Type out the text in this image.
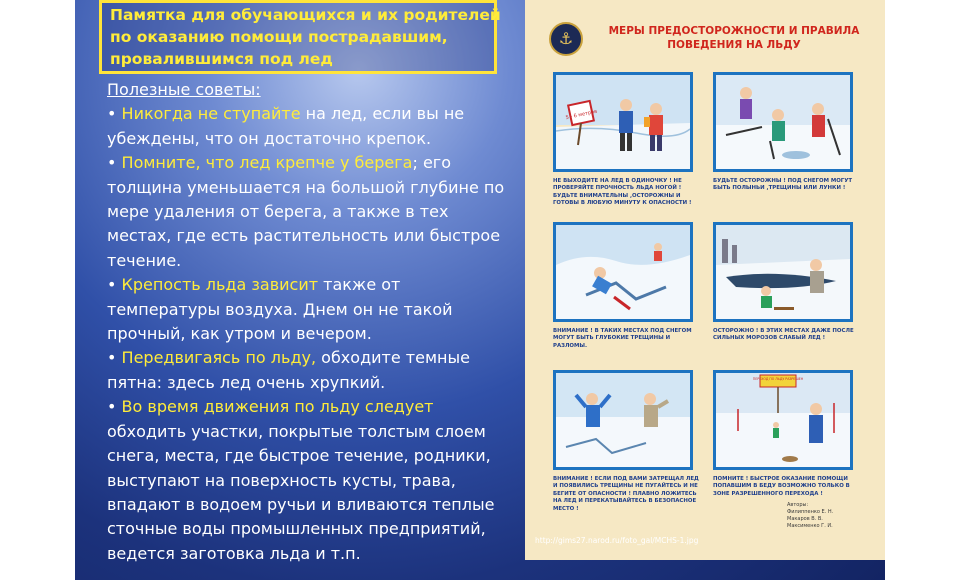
Памятка для обучающихся и их родителей
по оказанию помощи пострадавшим,
провалившимся под лед
Полезные советы:
• Никогда не ступайте на лед, если вы не убеждены, что он достаточно крепок.
• Помните, что лед крепче у берега; его толщина уменьшается на большой глубине по мере удаления от берега, а также в тех местах, где есть растительность или быстрое течение.
• Крепость льда зависит также от температуры воздуха. Днем он не такой прочный, как утром и вечером.
• Передвигаясь по льду, обходите темные пятна: здесь лед очень хрупкий.
• Во время движения по льду следует обходить участки, покрытые толстым слоем снега, места, где быстрое течение, родники, выступают на поверхность кусты, трава, впадают в водоем ручьи и вливаются теплые сточные воды промышленных предприятий, ведется заготовка льда и т.п.
⚓	МЕРЫ ПРЕДОСТОРОЖНОСТИ И ПРАВИЛА
ПОВЕДЕНИЯ НА ЛЬДУ
5 - 6 метров
НЕ ВЫХОДИТЕ НА ЛЕД В ОДИНОЧКУ ! НЕ ПРОВЕРЯЙТЕ ПРОЧНОСТЬ ЛЬДА НОГОЙ ! БУДЬТЕ ВНИМАТЕЛЬНЫ ,ОСТОРОЖНЫ И ГОТОВЫ В ЛЮБУЮ МИНУТУ К ОПАСНОСТИ !
БУДЬТЕ ОСТОРОЖНЫ ! ПОД СНЕГОМ МОГУТ БЫТЬ ПОЛЫНЬИ ,ТРЕЩИНЫ ИЛИ ЛУНКИ !
ВНИМАНИЕ ! В ТАКИХ МЕСТАХ ПОД СНЕГОМ МОГУТ БЫТЬ ГЛУБОКИЕ ТРЕЩИНЫ И РАЗЛОМЫ.
ОСТОРОЖНО ! В ЭТИХ МЕСТАХ ДАЖЕ ПОСЛЕ СИЛЬНЫХ МОРОЗОВ СЛАБЫЙ ЛЕД !
ПЕРЕХОД ПО ЛЬДУ РАЗРЕШЕН
ВНИМАНИЕ ! ЕСЛИ ПОД ВАМИ ЗАТРЕЩАЛ ЛЕД И ПОЯВИЛИСЬ ТРЕЩИНЫ НЕ ПУГАЙТЕСЬ И НЕ БЕГИТЕ ОТ ОПАСНОСТИ ! ПЛАВНО ЛОЖИТЕСЬ НА ЛЕД И ПЕРЕКАТЫВАЙТЕСЬ В БЕЗОПАСНОЕ МЕСТО !
ПОМНИТЕ ! БЫСТРОЕ ОКАЗАНИЕ ПОМОЩИ ПОПАВШИМ В БЕДУ ВОЗМОЖНО ТОЛЬКО В ЗОНЕ РАЗРЕШЕННОГО ПЕРЕХОДА !
Авторы:
Филиппенко Е. Н.
Макаров В. В.
Максименко Г. И.
http://gims27.narod.ru/foto_gal/MCHS-1.jpg
